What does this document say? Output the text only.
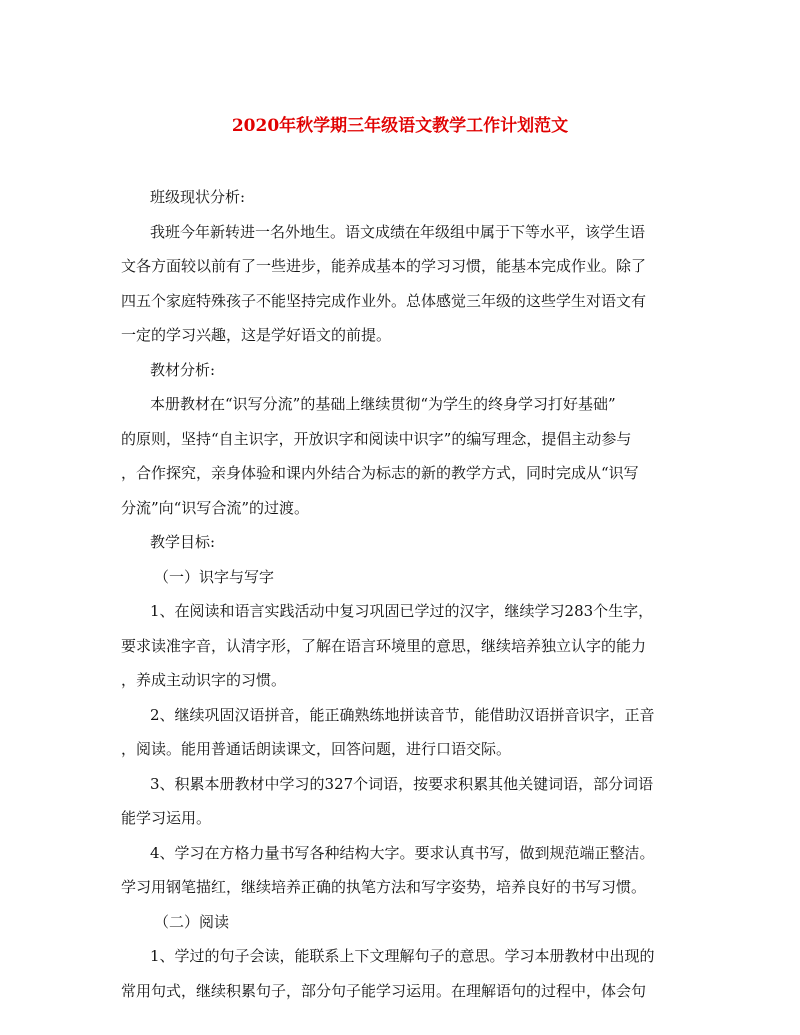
2020年秋学期三年级语文教学工作计划范文
班级现状分析:
我班今年新转进一名外地生。语文成绩在年级组中属于下等水平，该学生语
文各方面较以前有了一些进步，能养成基本的学习习惯，能基本完成作业。除了
四五个家庭特殊孩子不能坚持完成作业外。总体感觉三年级的这些学生对语文有
一定的学习兴趣，这是学好语文的前提。
教材分析:
本册教材在“识写分流”的基础上继续贯彻“为学生的终身学习打好基础”
的原则，坚持“自主识字，开放识字和阅读中识字”的编写理念，提倡主动参与
，合作探究，亲身体验和课内外结合为标志的新的教学方式，同时完成从“识写
分流”向“识写合流”的过渡。
教学目标:
（一）识字与写字
1、在阅读和语言实践活动中复习巩固已学过的汉字，继续学习283个生字，
要求读准字音，认清字形，了解在语言环境里的意思，继续培养独立认字的能力
，养成主动识字的习惯。
2、继续巩固汉语拼音，能正确熟练地拼读音节，能借助汉语拼音识字，正音
，阅读。能用普通话朗读课文，回答问题，进行口语交际。
3、积累本册教材中学习的327个词语，按要求积累其他关键词语，部分词语
能学习运用。
4、学习在方格力量书写各种结构大字。要求认真书写，做到规范端正整洁。
学习用钢笔描红，继续培养正确的执笔方法和写字姿势，培养良好的书写习惯。
（二）阅读
1、学过的句子会读，能联系上下文理解句子的意思。学习本册教材中出现的
常用句式，继续积累句子，部分句子能学习运用。在理解语句的过程中，体会句
